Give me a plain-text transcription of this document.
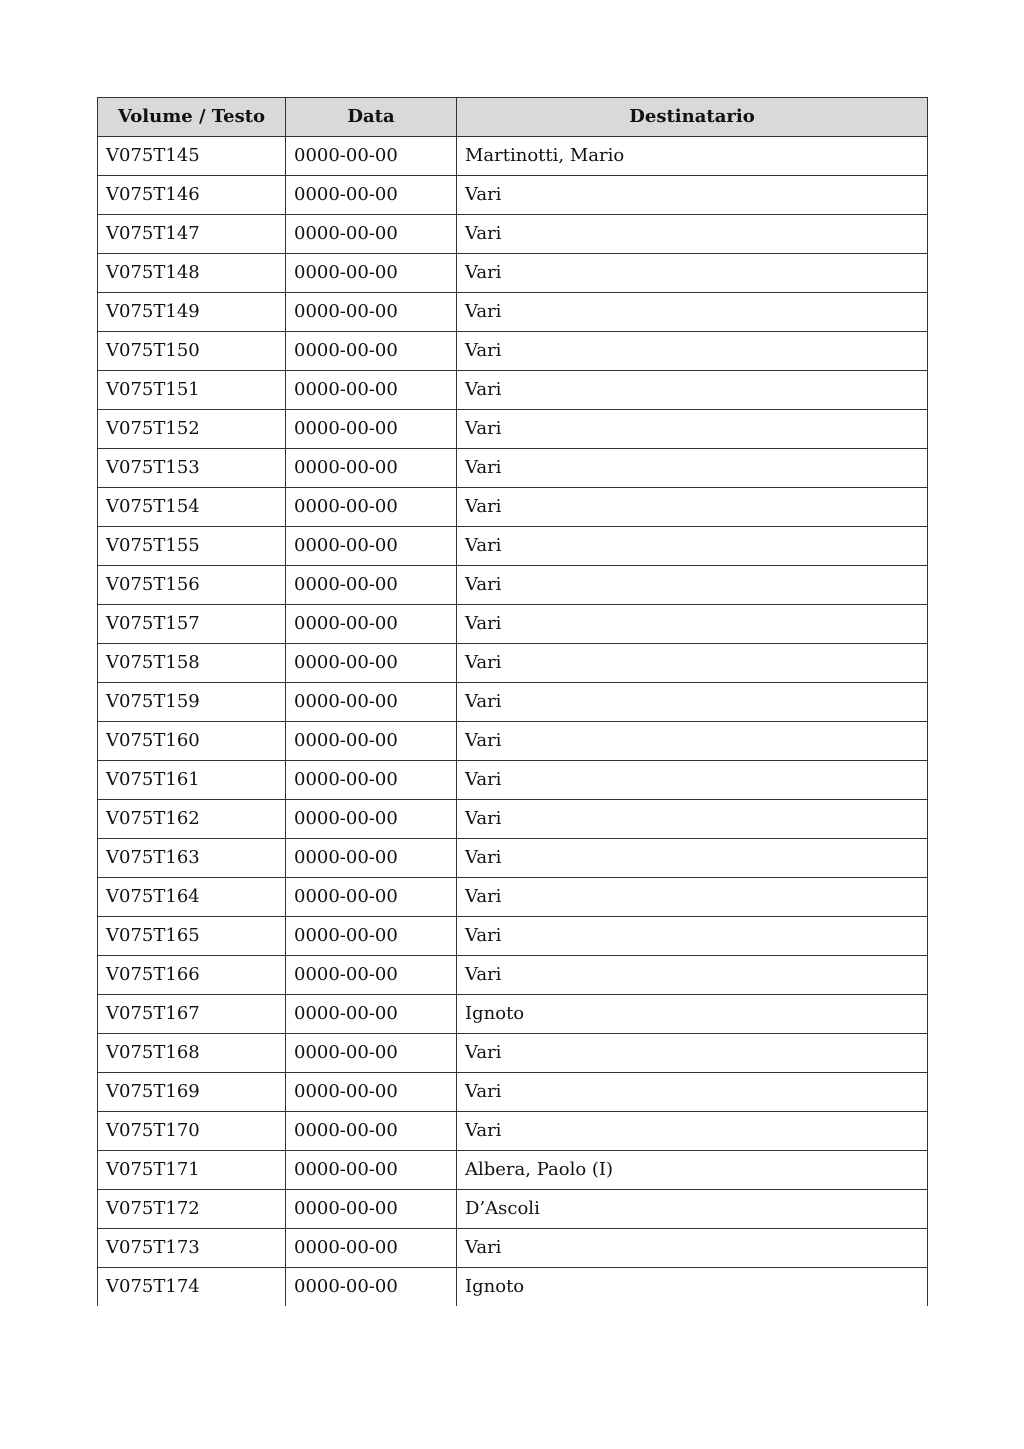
Volume / Testo	Data	Destinatario
V075T145	0000-00-00	Martinotti, Mario
V075T146	0000-00-00	Vari
V075T147	0000-00-00	Vari
V075T148	0000-00-00	Vari
V075T149	0000-00-00	Vari
V075T150	0000-00-00	Vari
V075T151	0000-00-00	Vari
V075T152	0000-00-00	Vari
V075T153	0000-00-00	Vari
V075T154	0000-00-00	Vari
V075T155	0000-00-00	Vari
V075T156	0000-00-00	Vari
V075T157	0000-00-00	Vari
V075T158	0000-00-00	Vari
V075T159	0000-00-00	Vari
V075T160	0000-00-00	Vari
V075T161	0000-00-00	Vari
V075T162	0000-00-00	Vari
V075T163	0000-00-00	Vari
V075T164	0000-00-00	Vari
V075T165	0000-00-00	Vari
V075T166	0000-00-00	Vari
V075T167	0000-00-00	Ignoto
V075T168	0000-00-00	Vari
V075T169	0000-00-00	Vari
V075T170	0000-00-00	Vari
V075T171	0000-00-00	Albera, Paolo (I)
V075T172	0000-00-00	D’Ascoli
V075T173	0000-00-00	Vari
V075T174	0000-00-00	Ignoto
